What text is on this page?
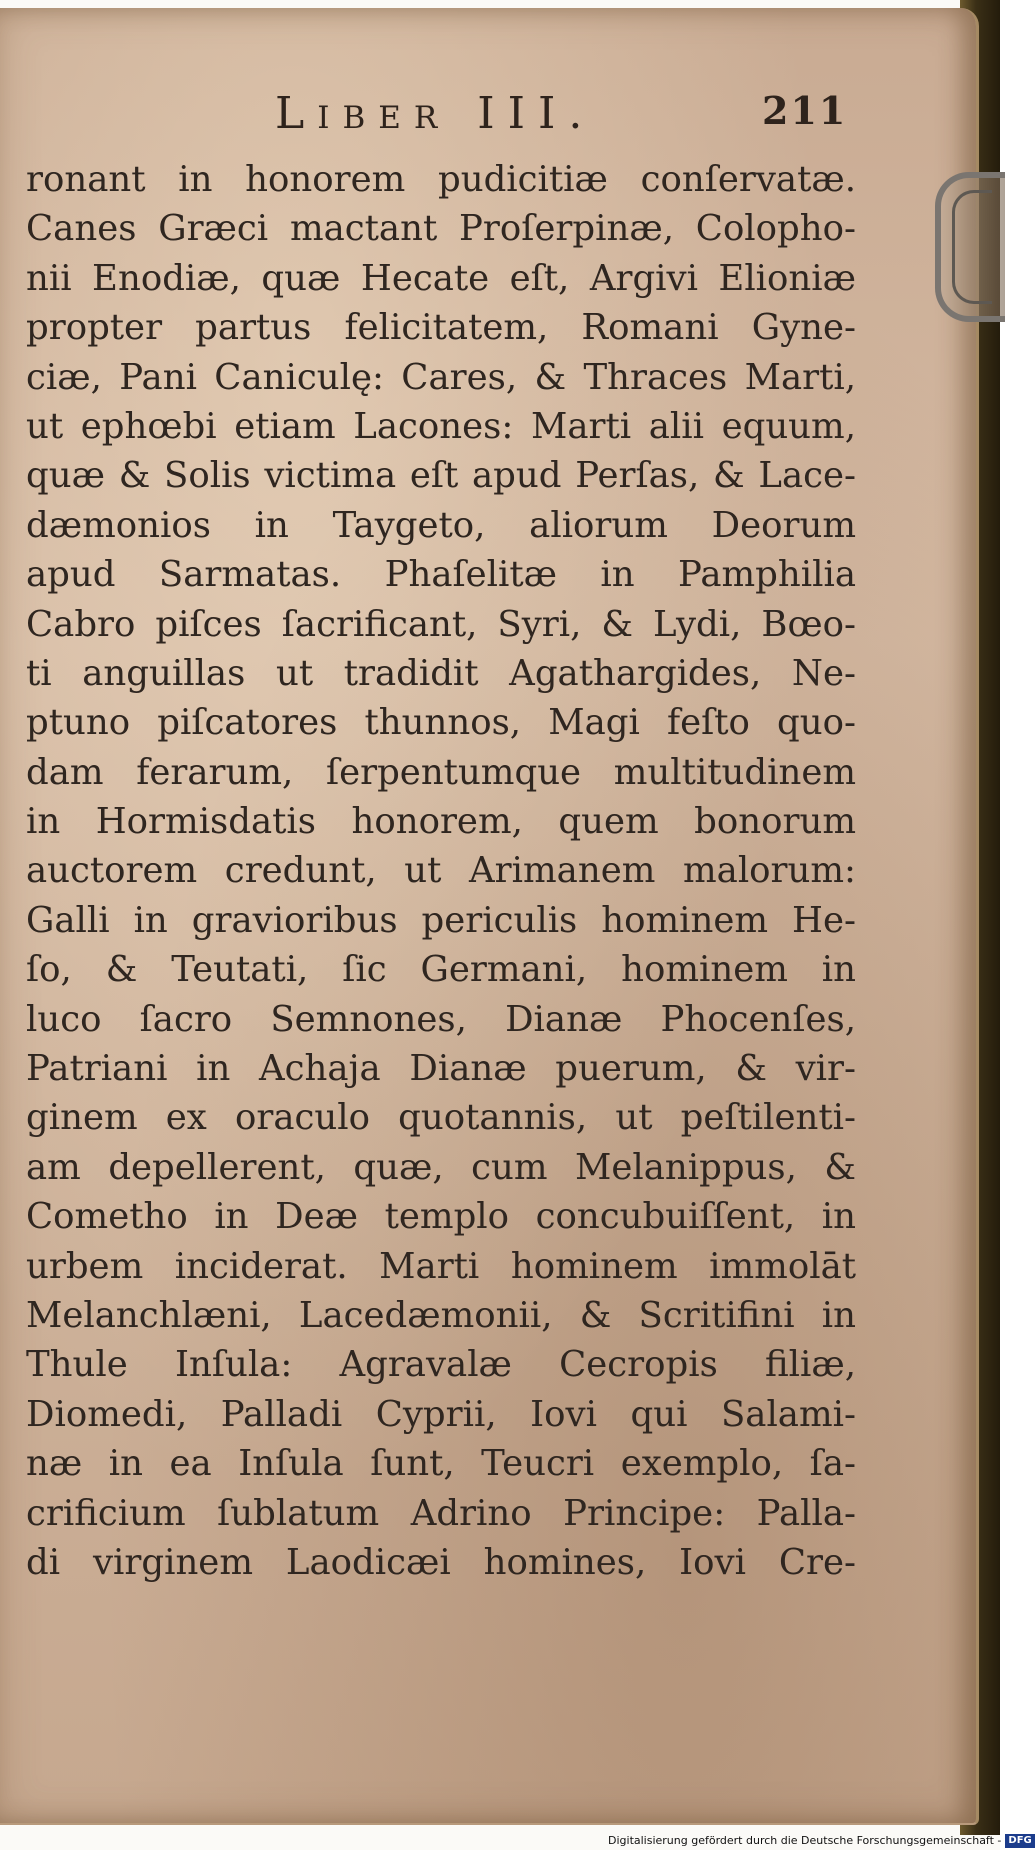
Liber III.	211
ronant in honorem pudicitiæ conſervatæ.
Canes Græci mactant Proſerpinæ, Colopho-
nii Enodiæ, quæ Hecate eſt, Argivi Elioniæ
propter partus felicitatem, Romani Gyne-
ciæ, Pani Caniculę: Cares, & Thraces Marti,
ut ephœbi etiam Lacones: Marti alii equum,
quæ & Solis victima eſt apud Perſas, & Lace-
dæmonios in Taygeto, aliorum Deorum
apud Sarmatas. Phaſelitæ in Pamphilia
Cabro piſces ſacrificant, Syri, & Lydi, Bœo-
ti anguillas ut tradidit Agathargides, Ne-
ptuno piſcatores thunnos, Magi feſto quo-
dam ferarum, ſerpentumque multitudinem
in Hormisdatis honorem, quem bonorum
auctorem credunt, ut Arimanem malorum:
Galli in gravioribus periculis hominem He-
ſo, & Teutati, ſic Germani, hominem in
luco ſacro Semnones, Dianæ Phocenſes,
Patriani in Achaja Dianæ puerum, & vir-
ginem ex oraculo quotannis, ut peſtilenti-
am depellerent, quæ, cum Melanippus, &
Cometho in Deæ templo concubuiſſent, in
urbem inciderat. Marti hominem immolāt
Melanchlæni, Lacedæmonii, & Scritifini in
Thule Inſula: Agravalæ Cecropis filiæ,
Diomedi, Palladi Cyprii, Iovi qui Salami-
næ in ea Inſula ſunt, Teucri exemplo, ſa-
crificium ſublatum Adrino Principe: Palla-
di virginem Laodicæi homines, Iovi Cre-
Digitalisierung gefördert durch die Deutsche Forschungsgemeinschaft - DFG
